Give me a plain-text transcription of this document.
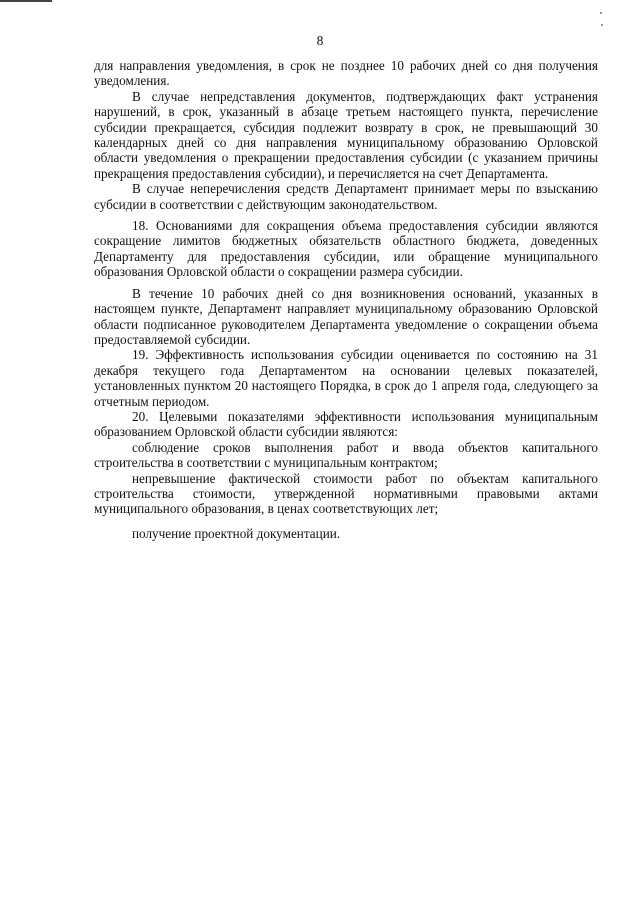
8

для направления уведомления, в срок не позднее 10 рабочих дней со дня получения уведомления.

В случае непредставления документов, подтверждающих факт устранения нарушений, в срок, указанный в абзаце третьем настоящего пункта, перечисление субсидии прекращается, субсидия подлежит возврату в срок, не превышающий 30 календарных дней со дня направления муниципальному образованию Орловской области уведомления о прекращении предоставления субсидии (с указанием причины прекращения предоставления субсидии), и перечисляется на счет Департамента.

В случае неперечисления средств Департамент принимает меры по взысканию субсидии в соответствии с действующим законодательством.

18. Основаниями для сокращения объема предоставления субсидии являются сокращение лимитов бюджетных обязательств областного бюджета, доведенных Департаменту для предоставления субсидии, или обращение муниципального образования Орловской области о сокращении размера субсидии.

В течение 10 рабочих дней со дня возникновения оснований, указанных в настоящем пункте, Департамент направляет муниципальному образованию Орловской области подписанное руководителем Департамента уведомление о сокращении объема предоставляемой субсидии.

19. Эффективность использования субсидии оценивается по состоянию на 31 декабря текущего года Департаментом на основании целевых показателей, установленных пунктом 20 настоящего Порядка, в срок до 1 апреля года, следующего за отчетным периодом.

20. Целевыми показателями эффективности использования муниципальным образованием Орловской области субсидии являются:

соблюдение сроков выполнения работ и ввода объектов капитального строительства в соответствии с муниципальным контрактом;

непревышение фактической стоимости работ по объектам капитального строительства стоимости, утвержденной нормативными правовыми актами муниципального образования, в ценах соответствующих лет;

получение проектной документации.
